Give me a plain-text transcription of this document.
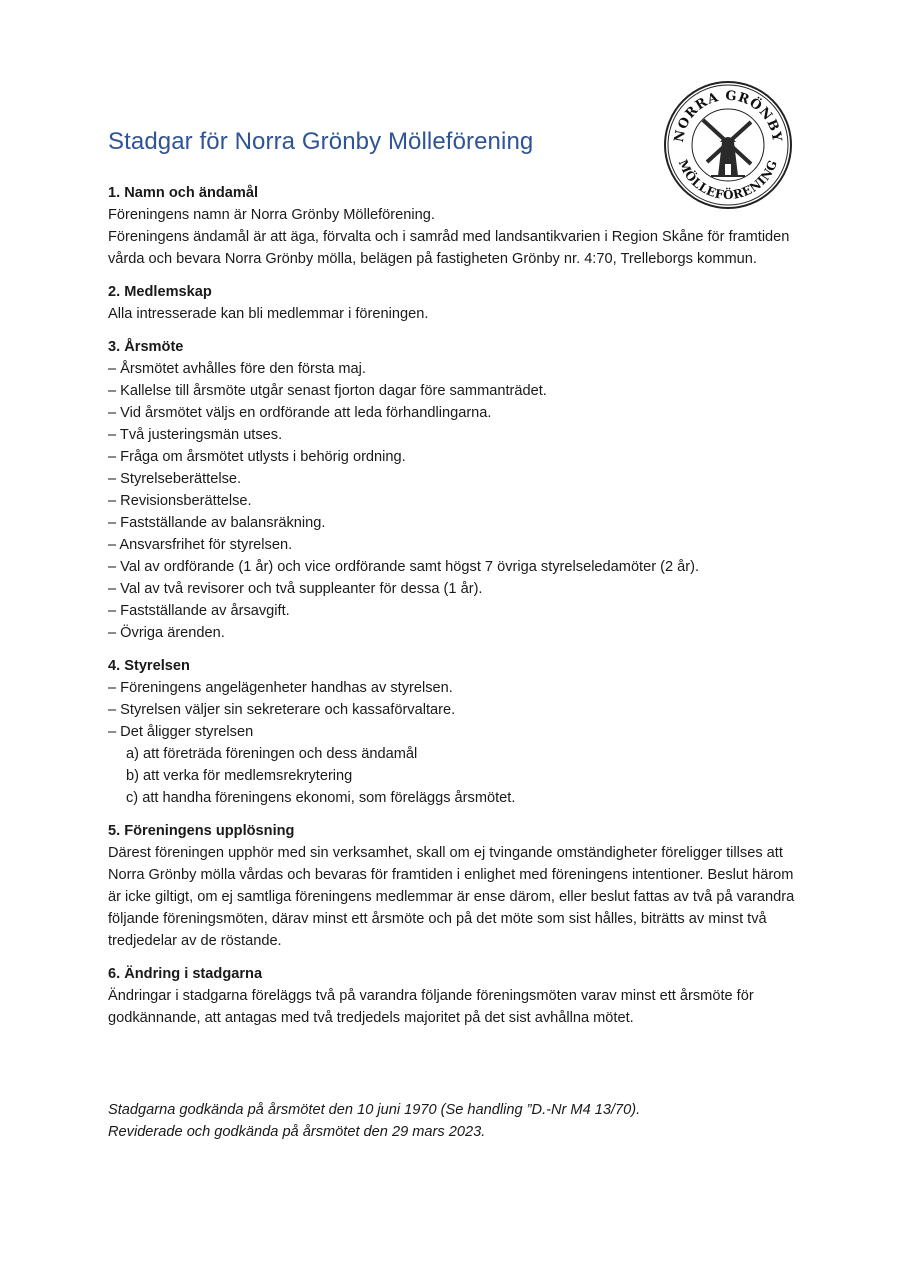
Stadgar för Norra Grönby Mölleförening	NORRA GRÖNBY
MÖLLEFÖRENING
1. Namn och ändamål
Föreningens namn är Norra Grönby Mölleförening.
Föreningens ändamål är att äga, förvalta och i samråd med landsantikvarien i Region Skåne för framtiden vårda och bevara Norra Grönby mölla, belägen på fastigheten Grönby nr. 4:70, Trelleborgs kommun.
2. Medlemskap
Alla intresserade kan bli medlemmar i föreningen.
3. Årsmöte
– Årsmötet avhålles före den första maj.
– Kallelse till årsmöte utgår senast fjorton dagar före sammanträdet.
– Vid årsmötet väljs en ordförande att leda förhandlingarna.
– Två justeringsmän utses.
– Fråga om årsmötet utlysts i behörig ordning.
– Styrelseberättelse.
– Revisionsberättelse.
– Fastställande av balansräkning.
– Ansvarsfrihet för styrelsen.
– Val av ordförande (1 år) och vice ordförande samt högst 7 övriga styrelseledamöter (2 år).
– Val av två revisorer och två suppleanter för dessa (1 år).
– Fastställande av årsavgift.
– Övriga ärenden.
4. Styrelsen
– Föreningens angelägenheter handhas av styrelsen.
– Styrelsen väljer sin sekreterare och kassaförvaltare.
– Det åligger styrelsen
a) att företräda föreningen och dess ändamål
b) att verka för medlemsrekrytering
c) att handha föreningens ekonomi, som föreläggs årsmötet.
5. Föreningens upplösning
Därest föreningen upphör med sin verksamhet, skall om ej tvingande omständigheter föreligger tillses att Norra Grönby mölla vårdas och bevaras för framtiden i enlighet med föreningens intentioner. Beslut härom är icke giltigt, om ej samtliga föreningens medlemmar är ense därom, eller beslut fattas av två på varandra följande föreningsmöten, därav minst ett årsmöte och på det möte som sist hålles, biträtts av minst två tredjedelar av de röstande.
6. Ändring i stadgarna
Ändringar i stadgarna föreläggs två på varandra följande föreningsmöten varav minst ett årsmöte för godkännande, att antagas med två tredjedels majoritet på det sist avhållna mötet.
Stadgarna godkända på årsmötet den 10 juni 1970 (Se handling ”D.-Nr M4 13/70).
Reviderade och godkända på årsmötet den 29 mars 2023.
